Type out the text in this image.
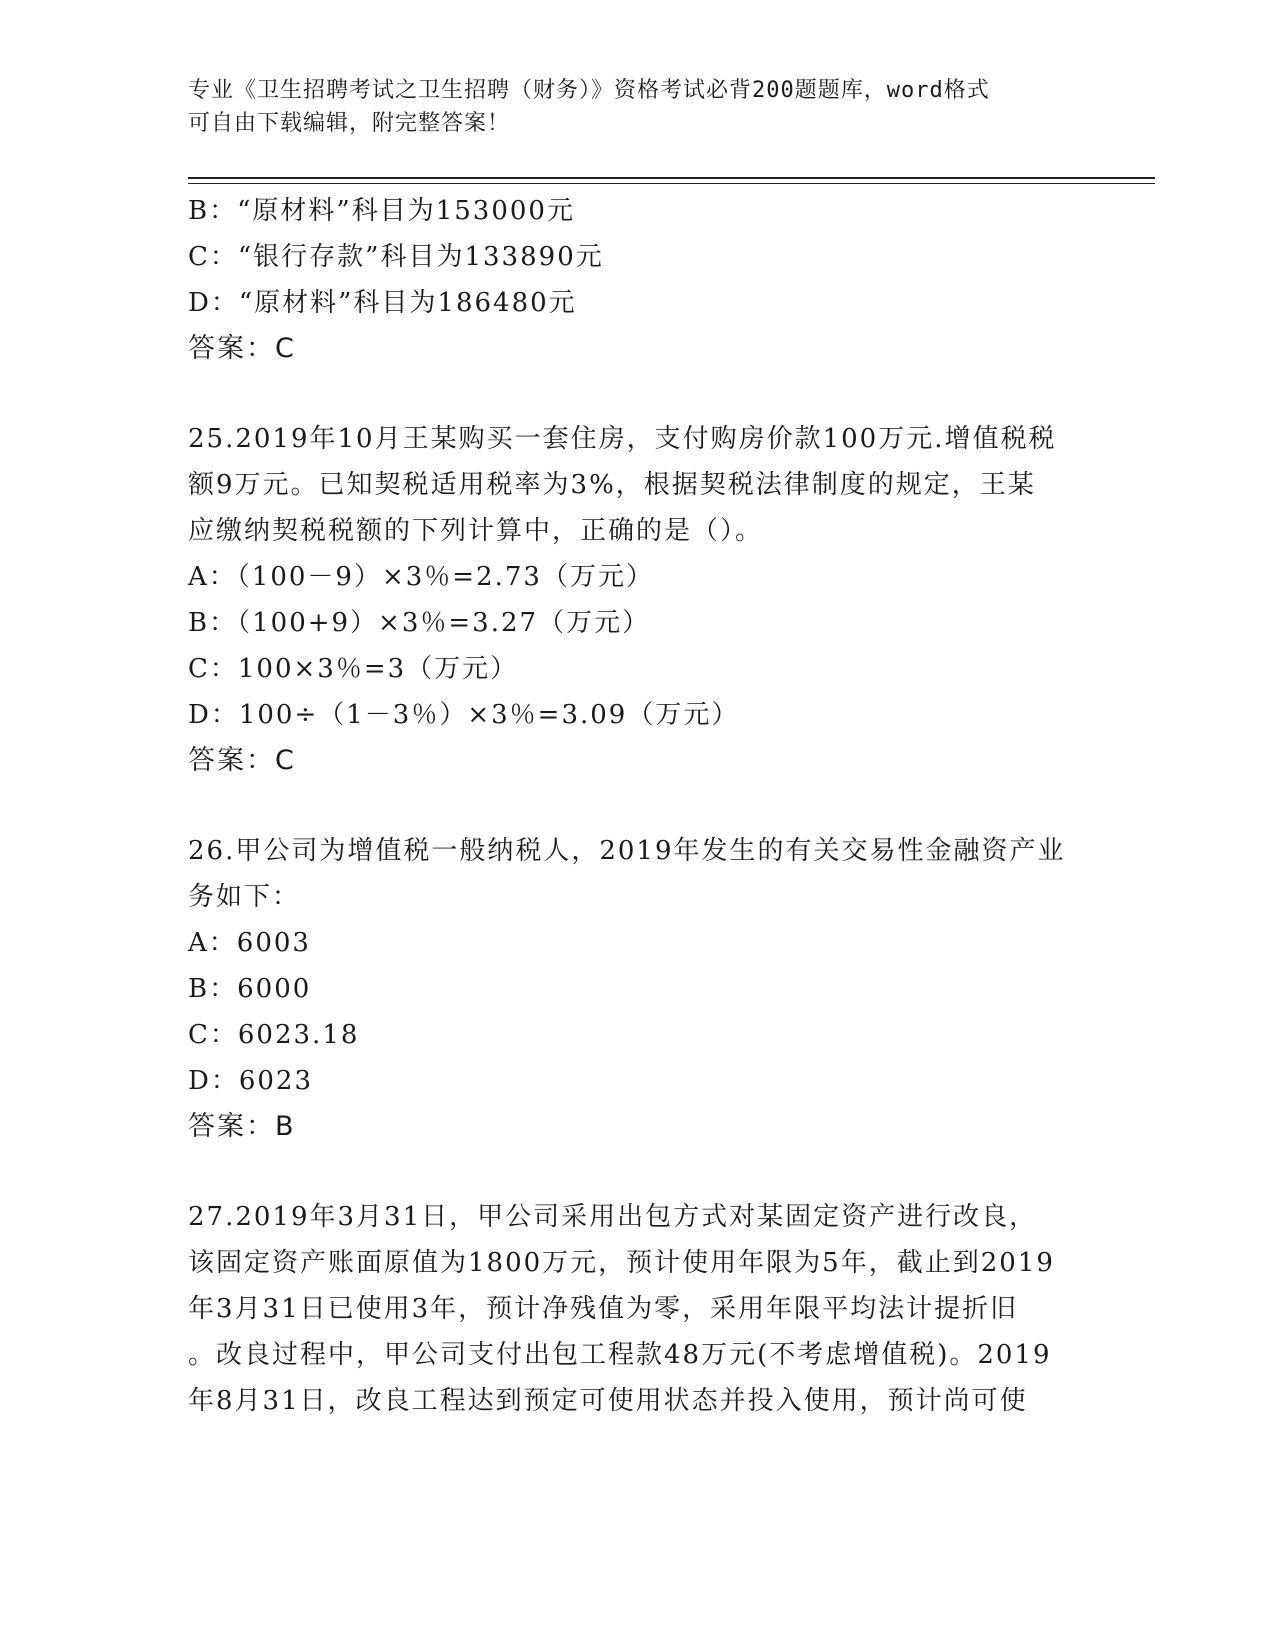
专业《卫生招聘考试之卫生招聘（财务）》资格考试必背200题题库，word格式
可自由下载编辑，附完整答案！
B：“原材料”科目为153000元
C：“银行存款”科目为133890元
D：“原材料”科目为186480元
答案：C
25.2019年10月王某购买一套住房，支付购房价款100万元.增值税税
额9万元。已知契税适用税率为3%，根据契税法律制度的规定，王某
应缴纳契税税额的下列计算中，正确的是（）。
A：（100－9）×3％=2.73（万元）
B：（100+9）×3％=3.27（万元）
C：100×3％=3（万元）
D：100÷（1－3％）×3％=3.09（万元）
答案：C
26.甲公司为增值税一般纳税人，2019年发生的有关交易性金融资产业
务如下：
A：6003
B：6000
C：6023.18
D：6023
答案：B
27.2019年3月31日，甲公司采用出包方式对某固定资产进行改良，
该固定资产账面原值为1800万元，预计使用年限为5年，截止到2019
年3月31日已使用3年，预计净残值为零，采用年限平均法计提折旧
。改良过程中，甲公司支付出包工程款48万元(不考虑增值税)。2019
年8月31日，改良工程达到预定可使用状态并投入使用，预计尚可使
